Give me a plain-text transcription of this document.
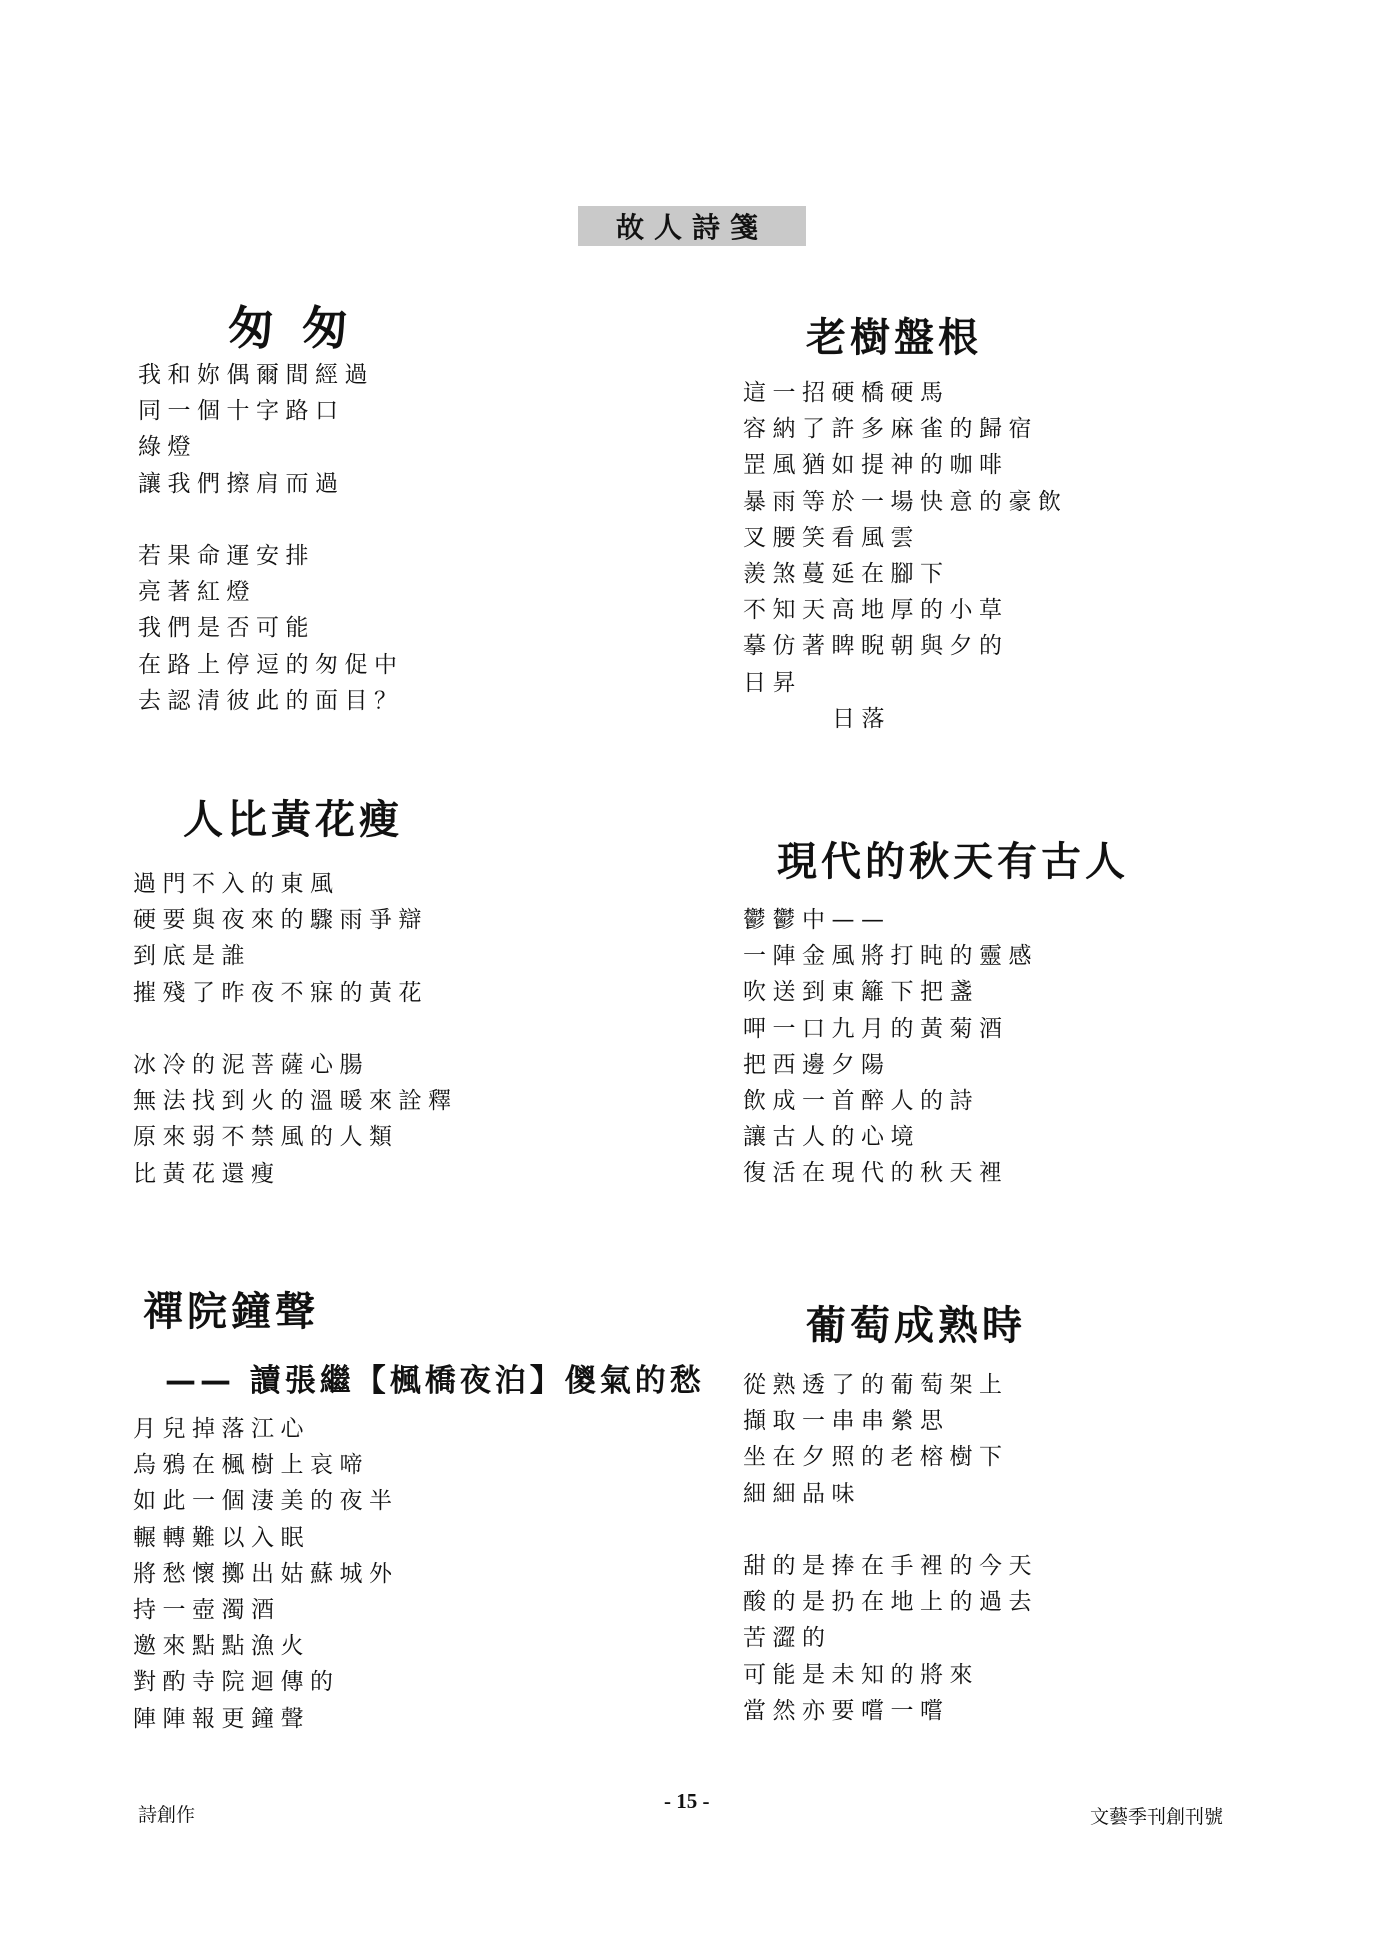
故人詩箋
匆 匆
我和妳偶爾間經過
同一個十字路口
綠燈
讓我們擦肩而過
若果命運安排
亮著紅燈
我們是否可能
在路上停逗的匆促中
去認清彼此的面目？
老樹盤根
這一招硬橋硬馬
容納了許多麻雀的歸宿
罡風猶如提神的咖啡
暴雨等於一場快意的豪飲
叉腰笑看風雲
羨煞蔓延在腳下
不知天高地厚的小草
摹仿著睥睨朝與夕的
日昇
日落
人比黃花瘦
過門不入的東風
硬要與夜來的驟雨爭辯
到底是誰
摧殘了昨夜不寐的黃花
冰冷的泥菩薩心腸
無法找到火的溫暖來詮釋
原來弱不禁風的人類
比黃花還瘦
現代的秋天有古人
鬱鬱中——
一陣金風將打盹的靈感
吹送到東籬下把盞
呷一口九月的黃菊酒
把西邊夕陽
飲成一首醉人的詩
讓古人的心境
復活在現代的秋天裡
禪院鐘聲
—— 讀張繼【楓橋夜泊】儍氣的愁
月兒掉落江心
烏鴉在楓樹上哀啼
如此一個淒美的夜半
輾轉難以入眠
將愁懷擲出姑蘇城外
持一壺濁酒
邀來點點漁火
對酌寺院迴傳的
陣陣報更鐘聲
葡萄成熟時
從熟透了的葡萄架上
擷取一串串縈思
坐在夕照的老榕樹下
細細品味
甜的是捧在手裡的今天
酸的是扔在地上的過去
苦澀的
可能是未知的將來
當然亦要嚐一嚐
詩創作
- 15 -
文藝季刊創刊號
